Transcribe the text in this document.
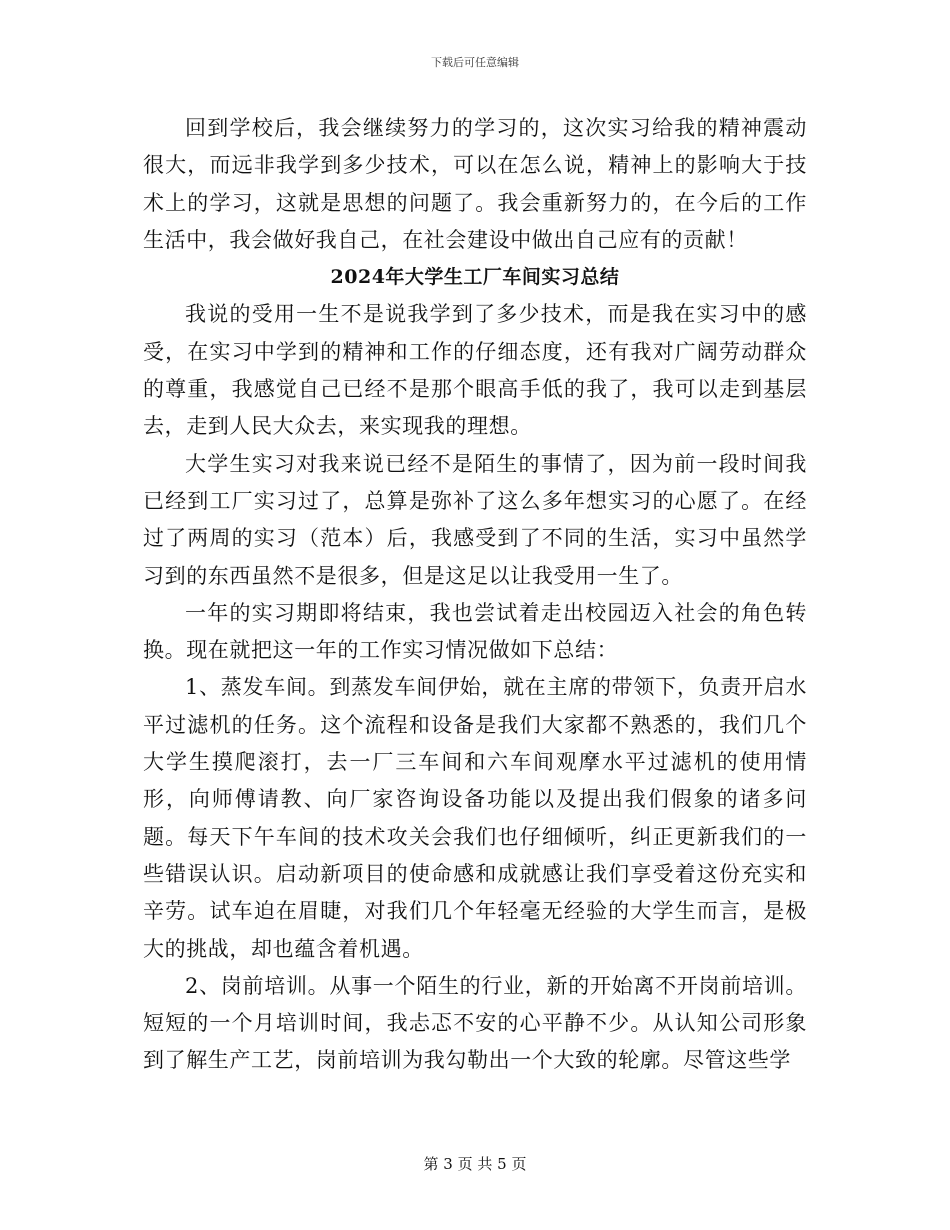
下载后可任意编辑

回到学校后，我会继续努力的学习的，这次实习给我的精神震动很大，而远非我学到多少技术，可以在怎么说，精神上的影响大于技术上的学习，这就是思想的问题了。我会重新努力的，在今后的工作生活中，我会做好我自己，在社会建设中做出自己应有的贡献！

2024年大学生工厂车间实习总结

我说的受用一生不是说我学到了多少技术，而是我在实习中的感受，在实习中学到的精神和工作的仔细态度，还有我对广阔劳动群众的尊重，我感觉自己已经不是那个眼高手低的我了，我可以走到基层去，走到人民大众去，来实现我的理想。

大学生实习对我来说已经不是陌生的事情了，因为前一段时间我已经到工厂实习过了，总算是弥补了这么多年想实习的心愿了。在经过了两周的实习（范本）后，我感受到了不同的生活，实习中虽然学习到的东西虽然不是很多，但是这足以让我受用一生了。

一年的实习期即将结束，我也尝试着走出校园迈入社会的角色转换。现在就把这一年的工作实习情况做如下总结：

1、蒸发车间。到蒸发车间伊始，就在主席的带领下，负责开启水平过滤机的任务。这个流程和设备是我们大家都不熟悉的，我们几个大学生摸爬滚打，去一厂三车间和六车间观摩水平过滤机的使用情形，向师傅请教、向厂家咨询设备功能以及提出我们假象的诸多问题。每天下午车间的技术攻关会我们也仔细倾听，纠正更新我们的一些错误认识。启动新项目的使命感和成就感让我们享受着这份充实和辛劳。试车迫在眉睫，对我们几个年轻毫无经验的大学生而言，是极大的挑战，却也蕴含着机遇。

2、岗前培训。从事一个陌生的行业，新的开始离不开岗前培训。短短的一个月培训时间，我忐忑不安的心平静不少。从认知公司形象到了解生产工艺，岗前培训为我勾勒出一个大致的轮廓。尽管这些学

第 3 页 共 5 页
